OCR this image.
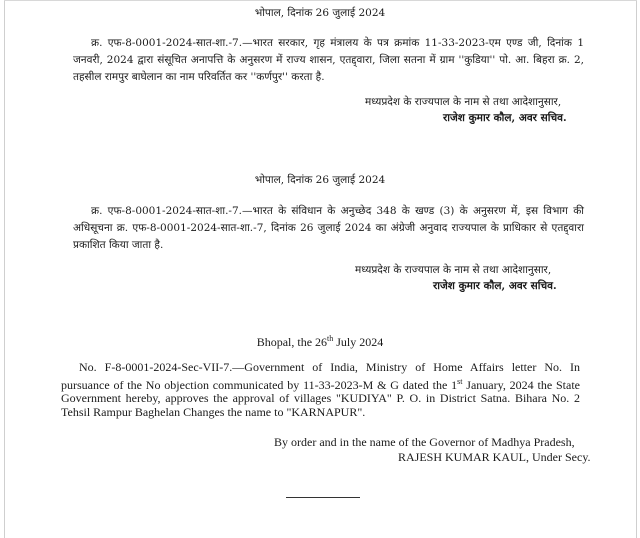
भोपाल, दिनांक 26 जुलाई 2024
क्र. एफ-8-0001-2024-सात-शा.-7.—भारत सरकार, गृह मंत्रालय के पत्र क्रमांक 11-33-2023-एम एण्ड जी, दिनांक 1 जनवरी, 2024 द्वारा संसूचित अनापत्ति के अनुसरण में राज्य शासन, एतद्द्वारा, जिला सतना में ग्राम ''कुडिया'' पो. आ. बिहरा क्र. 2, तहसील रामपुर बाघेलान का नाम परिवर्तित कर ''कर्णपुर'' करता है.
मध्यप्रदेश के राज्यपाल के नाम से तथा आदेशानुसार,
राजेश कुमार कौल, अवर सचिव.
भोपाल, दिनांक 26 जुलाई 2024
क्र. एफ-8-0001-2024-सात-शा.-7.—भारत के संविधान के अनुच्छेद 348 के खण्ड (3) के अनुसरण में, इस विभाग की अधिसूचना क्र. एफ-8-0001-2024-सात-शा.-7, दिनांक 26 जुलाई 2024 का अंग्रेजी अनुवाद राज्यपाल के प्राधिकार से एतद्द्वारा प्रकाशित किया जाता है.
मध्यप्रदेश के राज्यपाल के नाम से तथा आदेशानुसार,
राजेश कुमार कौल, अवर सचिव.
Bhopal, the 26th July 2024
No. F-8-0001-2024-Sec-VII-7.—Government of India, Ministry of Home Affairs letter No. In pursuance of the No objection communicated by 11-33-2023-M & G dated the 1st January, 2024 the State Government hereby, approves the approval of villages "KUDIYA" P. O. in District Satna. Bihara No. 2 Tehsil Rampur Baghelan Changes the name to "KARNAPUR".
By order and in the name of the Governor of Madhya Pradesh,
RAJESH KUMAR KAUL, Under Secy.
